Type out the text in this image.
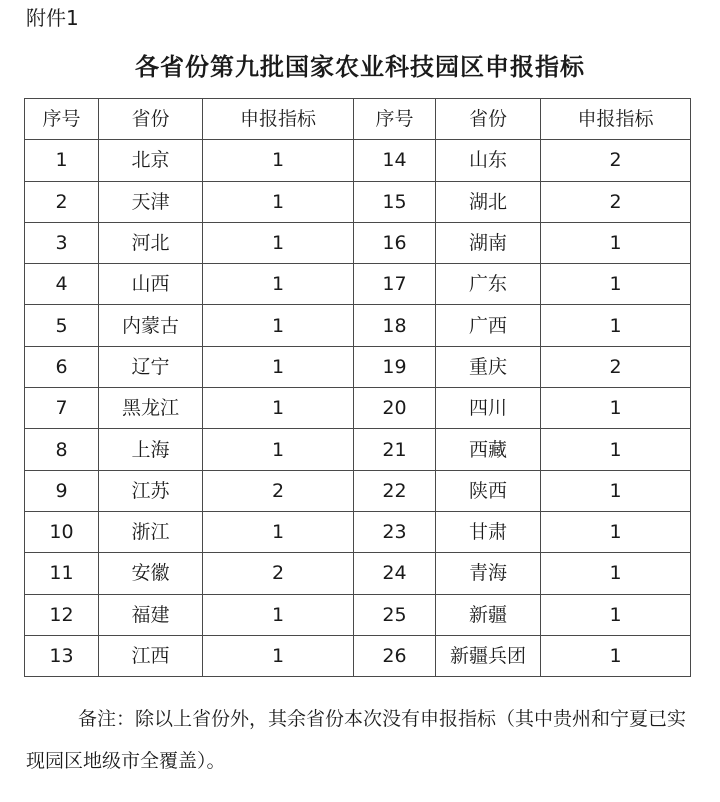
附件1
各省份第九批国家农业科技园区申报指标
序号	省份	申报指标	序号	省份	申报指标
1	北京	1	14	山东	2
2	天津	1	15	湖北	2
3	河北	1	16	湖南	1
4	山西	1	17	广东	1
5	内蒙古	1	18	广西	1
6	辽宁	1	19	重庆	2
7	黑龙江	1	20	四川	1
8	上海	1	21	西藏	1
9	江苏	2	22	陕西	1
10	浙江	1	23	甘肃	1
11	安徽	2	24	青海	1
12	福建	1	25	新疆	1
13	江西	1	26	新疆兵团	1
备注：除以上省份外，其余省份本次没有申报指标（其中贵州和宁夏已实现园区地级市全覆盖）。
